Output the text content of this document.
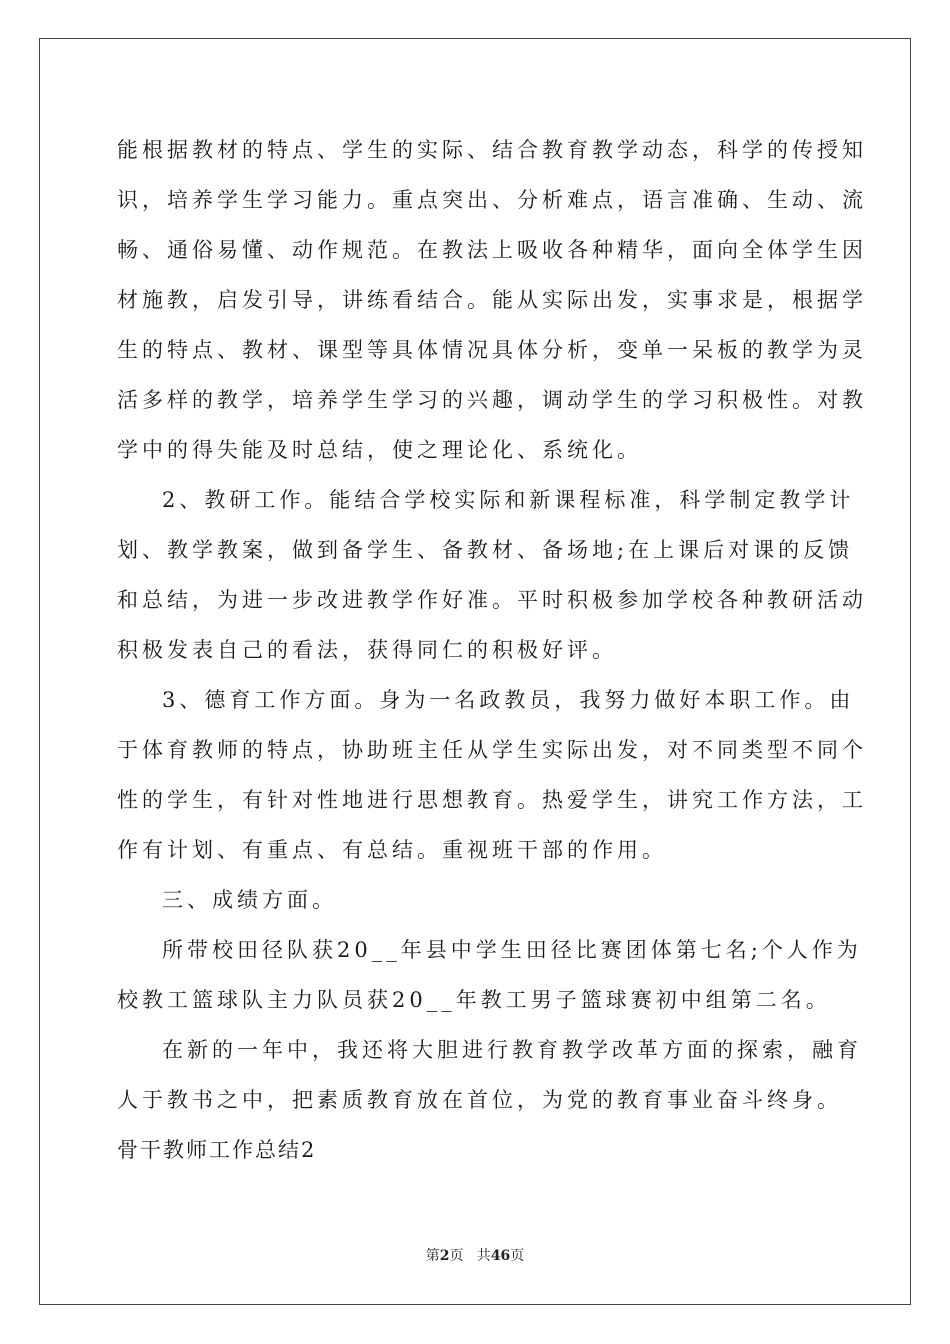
能根据教材的特点、学生的实际、结合教育教学动态，科学的传授知
识，培养学生学习能力。重点突出、分析难点，语言准确、生动、流
畅、通俗易懂、动作规范。在教法上吸收各种精华，面向全体学生因
材施教，启发引导，讲练看结合。能从实际出发，实事求是，根据学
生的特点、教材、课型等具体情况具体分析，变单一呆板的教学为灵
活多样的教学，培养学生学习的兴趣，调动学生的学习积极性。对教
学中的得失能及时总结，使之理论化、系统化。
2、教研工作。能结合学校实际和新课程标准，科学制定教学计
划、教学教案，做到备学生、备教材、备场地;在上课后对课的反馈
和总结，为进一步改进教学作好准。平时积极参加学校各种教研活动
积极发表自己的看法，获得同仁的积极好评。
3、德育工作方面。身为一名政教员，我努力做好本职工作。由
于体育教师的特点，协助班主任从学生实际出发，对不同类型不同个
性的学生，有针对性地进行思想教育。热爱学生，讲究工作方法，工
作有计划、有重点、有总结。重视班干部的作用。
三、成绩方面。
所带校田径队获20__年县中学生田径比赛团体第七名;个人作为
校教工篮球队主力队员获20__年教工男子篮球赛初中组第二名。
在新的一年中，我还将大胆进行教育教学改革方面的探索，融育
人于教书之中，把素质教育放在首位，为党的教育事业奋斗终身。
骨干教师工作总结2
第2页   共46页
